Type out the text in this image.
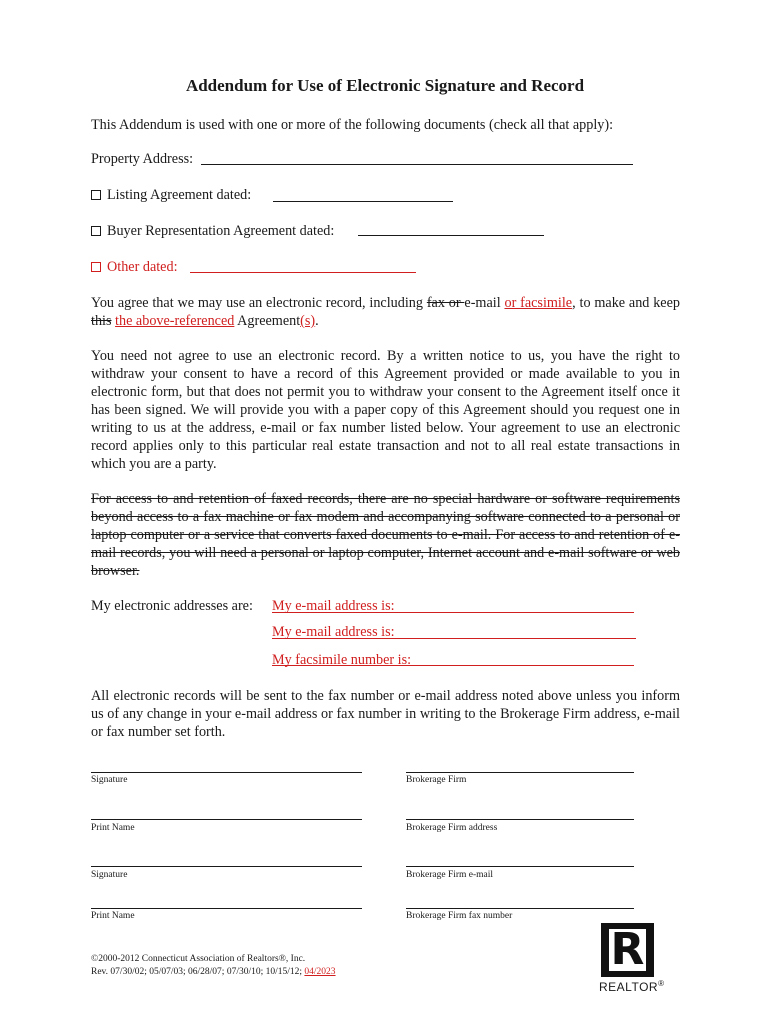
Addendum for Use of Electronic Signature and Record
This Addendum is used with one or more of the following documents (check all that apply):
Property Address:
Listing Agreement dated:
Buyer Representation Agreement dated:
Other dated:
You agree that we may use an electronic record, including fax or e-mail or facsimile, to make and keep this the above-referenced Agreement(s).
You need not agree to use an electronic record. By a written notice to us, you have the right to withdraw your consent to have a record of this Agreement provided or made available to you in electronic form, but that does not permit you to withdraw your consent to the Agreement itself once it has been signed. We will provide you with a paper copy of this Agreement should you request one in writing to us at the address, e-mail or fax number listed below. Your agreement to use an electronic record applies only to this particular real estate transaction and not to all real estate transactions in which you are a party.
For access to and retention of faxed records, there are no special hardware or software requirements beyond access to a fax machine or fax modem and accompanying software connected to a personal or laptop computer or a service that converts faxed documents to e-mail. For access to and retention of e-mail records, you will need a personal or laptop computer, Internet account and e-mail software or web browser.
My electronic addresses are: My e-mail address is:
My e-mail address is:
My facsimile number is:
All electronic records will be sent to the fax number or e-mail address noted above unless you inform us of any change in your e-mail address or fax number in writing to the Brokerage Firm address, e-mail or fax number set forth.
Signature	Brokerage Firm
Print Name	Brokerage Firm address
Signature	Brokerage Firm e-mail
Print Name	Brokerage Firm fax number
©2000-2012 Connecticut Association of Realtors®, Inc.
Rev. 07/30/02; 05/07/03; 06/28/07; 07/30/10; 10/15/12; 04/2023	R
REALTOR®
